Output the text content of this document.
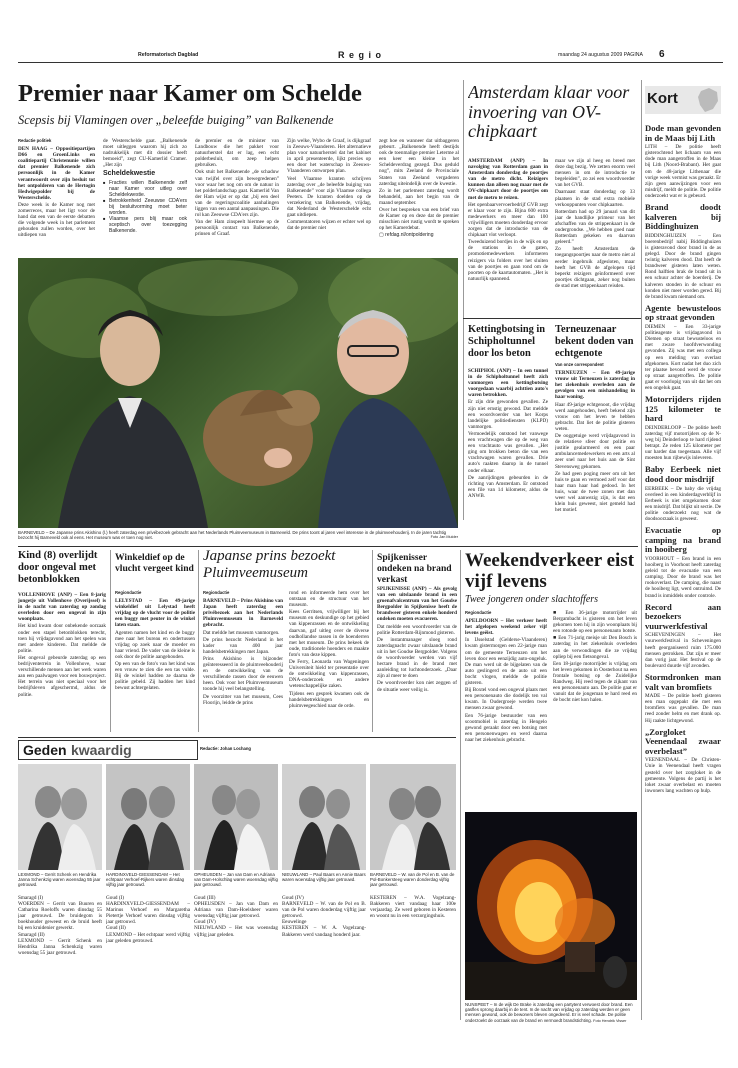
Reformatorisch Dagblad	R e g i o	maandag 24 augustus 2009 PAGINA 6
Premier naar Kamer om Schelde
Scepsis bij Vlamingen over „beleefde buiging” van Balkenende
Redactie politiek

DEN HAAG – Oppositiepartijen D66 en GroenLinks en coalitiepartij Christenunie willen dat premier Balkenende zich persoonlijk in de Kamer verantwoordt over zijn besluit tot het ontpolderen van de Hertogin Hedwigepolder bij de Westerschelde.

Deze week is de Kamer nog met zomerreces, maar het ligt voor de hand dat een van de eerste debatten die volgende week in het parlement gehouden zullen worden, over het uitdiepen van

de Westerschelde gaat. „Balkenende moet uitleggen waarom hij zich zo nadrukkelijk met dit dossier heeft bemoeid”, zegt CU-Kamerlid Cramer. „Het zijn

Scheldekwestie
■ Fracties willen Balkenende zelf naar Kamer voor uitleg over Scheldekwestie.
■ Betrokkenheid Zeeuwse CDA'ers bij besluitvorming moet beter worden.
■ Vlaamse pers blij maar ook sceptisch over toezegging Balkenende.

de premier en de minister van Landbouw die het pakket voor natuurherstel dat er lag, een echt polderbesluit, om zeep helpen gebruiken.

Ook stuit het Balkenende „de schaduw van twijfel over zijn bewegredenen” voor waar het nog om om de natuur in het polderlandschap gaat. Kamerlid Van der Ham wijst er op dat „bij een deel van de regeringscoalitie aanhalingen liggen van een aantal aanpassingen. Die rol kan Zeeuwse CDA'ers zijn.

Van der Ham zinspeelt hiermee op de persoonlijk contact van Balkenende, prinsen of Graaf.

Zijn welke, Wybo de Graaf, is dijkgraaf in Zeeuws-Vlaanderen. Het alternatieve plan voor natuurherstel dat het kabinet in april presenteerde, lijkt precies op een door het waterschap in Zeeuws-Vlaanderen ontworpen plan.

Veel Vlaamse kranten schrijven zaterdag over „de beleefde buiging van Balkenende” voor zijn Vlaamse collega Peeters. De kranten doelden op de verzekering van Balkenende, vrijdag, dat Nederland de Westerschelde echt gaat uitdiepen.

Commentatoren wijzen er echter wel op dat de premier niet

zegt hoe en wanneer dat uitbaggeren gebeurt. „Balkenende heeft destijds ook de toenmalige premier Leterme al een keer een kleine in het Scheldeverdrag gezegd. Dus geduld nog”, mits Zeeland de Provinciale Staten van Zeeland vergaderen zaterdag uiteindelijk over de kwestie.

Zo in het parlement zaterdag wordt behandeld, aan het begin van de maand september.

Over het bespreken van een brief van de Kamer op en deze dat de premier misschien niet rustig wordt te spreken op het Kamerdebat.

▢ refdag.nl/ontpoldering

Amsterdam klaar voor invoering van OV-chipkaart

AMSTERDAM (ANP) – In navolging van Rotterdam gaan in Amsterdam donderdag de poortjes van de metro dicht. Reizigers kunnen dan alleen nog maar met de OV-chipkaart door de poortjes om met de metro te reizen.

Het openbaarvervoerbedrijf GVB zegt er klaar voor te zijn. Bijna 600 extra medewerkers en meer dan 100 vrijwilligers moeten donderdag ervoor zorgen dat de introductie van de chipkaart vlot verloopt.

Tweeduizend bordjes in de wijk en op de stations in de gaten, promotiemedewerkers informeren reizigers via folders over het sluiten van de poortjes en gaan rond om de poorten op de kaartautomaten. „Het is natuurlijk spannend.

maar we zijn al heeg en breed met deze dag bezig. We zetten enorm veel mensen in om de introductie te begeleiden”, zo zei een woordvoerder van het GVB.

Daarnaast staat donderdag op 33 plaatsen in de stad extra mobiele verkooppunten voor chipkaarten.

Rotterdam had op 29 januari van dit jaar de handlijke primeur van het afschaffen van de strippenkaart in de ondergrondse. „We hebben goed naar Rotterdam gekeken en daarvan geleerd.”

Zo heeft Amsterdam de toegangspoortjes naar de metro niet al eerder ingebruik afgesloten, maar heeft het GVB de afgelopen tijd beperkt reizigers geïnformeerd over poortjes dichtgaan, zeker nog buiten de stad met strippenkaart reisden.

BARNEVELD – De Japanse prins Akishino (l.) heeft zaterdag een privébezoek gebracht aan het Nederlands Pluimveemuseum in Barneveld. De prins toont al jaren veel interesse in de pluimveehouderij. In de jaren tachtig bezocht hij Barneveld ook al eens. Het museum was er toen nog niet.	Foto Jan Mulder
Kettingbotsing in Schipholtunnel door los beton

SCHIPHOL (ANP) – In een tunnel in de Schipholtunnel heeft zich vanmorgen een kettingbotsing voorgedaan waarbij achttien auto's waren betrokken.

Er zijn drie gewonden gevallen. Ze zijn niet ernstig gewond. Dat meldde een woordvoerder van het Korps landelijke politiediensten (KLPD) vanmorgen.

Vermoedelijk ontstond het vanwege een vrachtwagen die op de weg van een vrachtauto was gevallen. „Het ging om brokken beton die van een vrachtwagen waren gevallen. Drie auto's raakten daarop in de tunnel onder elkaar.

De aanrijdingen gebeurden in de richting van Amsterdam. Er ontstond een file van 14 kilometer, aldus de ANWB.

Terneuzenaar bekent doden van echtgenote
Van onze correspondent

TERNEUZEN – Een 49-jarige vrouw uit Terneuzen is zaterdag in het ziekenhuis overleden aan de gevolgen van een mishandeling in haar woning.

Haar 49-jarige echtgenoot, die vrijdag werd aangehouden, heeft bekend zijn vrouw om het leven te hebben gebracht. Dat liet de politie gisteren weten.

De ooggetuige werd vrijdagavond in de relatieve sfeer door politie en justitie gealarmeerd en een paar ambulancemedewerkers en een arts al zeer snel naar het huis aan de Sint Stevensweg gekomen.

Ze had geen poging meer om uit het huis te gaan en vermoed zelf voor dat haar man haar had gedood. In het huis, waar de twee zonen met dan weer wel aanwezig zijn, is dat een klein huis geweest, niet gemeld had het motief.

Kort
Dode man gevonden in de Maas bij Lith

LITH – De politie heeft gisterochtend het lichaam van een dode man aangetroffen in de Maas bij Lith (Noord-Brabant). Het gaat om de 48-jarige Lithenaar die vorige week vermist was geraakt. Er zijn geen aanwijzingen voor een misdrijf, meldt de politie. De politie onderzoekt wat er is gebeurd.

Brand doodt kalveren bij Biddinghuizen

BIDDINGHUIZEN – Een boerenbedrijf nabij Biddinghuizen is gisteravond door brand in de as gelegd. Door de brand gingen twintig kalveren dood. Dat heeft de brandweer gisteren laten weten. Rond halftien brak de brand uit in een schuur achter de boerderij. De kalveren stonden in de schuur en konden niet meer worden gered. Bij de brand kwam niemand om.

Agente bewusteloos op straat gevonden

DIEMEN – Een 33-jarige politieagente is vrijdagavond in Diemen op straat bewusteloos en met zware hoofdverwonding gevonden. Zij was met een collega op een melding van overlast afgekomen. Kort nadat het duo zich ter plaatse bevond werd de vrouw op straat aangetroffen. De politie gaat er voorlopig van uit dat het om een ongeluk gaat.

Motorrijders rijden 125 kilometer te hard

DEINDERLOOP – De politie heeft zaterdag vijf motorrijders op de N-weg bij Deinderloop te hard rijdend betrapt. Ze reden 125 kilometer per uur harder dan toegestaan. Alle vijf moesten hun rijbewijs inleveren.

Baby Eerbeek niet dood door misdrijf

EERBEEK – De baby die vrijdag overleed in een kinderdagverblijf in Eerbeek is niet omgekomen door een misdrijf. Dat blijkt uit sectie. De politie onderzoekt nog wat de doodsoorzaak is geweest.

Evacuatie op camping na brand in hooiberg

VOORHOUT – Een brand in een hooiberg in Voorhout heeft zaterdag geleid tot de evacuatie van een camping. Door de brand was het rookoverlast. De camping, die naast de hooiberg ligt, werd ontruimd. De brand is inmiddels onder controle.

Record aan bezoekers vuurwerkfestival

SCHEVENINGEN – Het vuurwerkfestival in Scheveningen heeft georganiseerd ruim 175.000 mensen getrokken. Dat zijn er meer dan vorig jaar. Het festival op de boulevard duurde vijf avonden.

Stormdronken man valt van bromfiets

MADE – De politie heeft gisteren een man opgepakt die met een bromfiets was gevallen. De man reed zonder helm en met drank op. Hij raakte lichtgewond.

„Zorgloket Veenendaal zwaar overbelast”

VEENENDAAL – De Christen-Unie in Veenendaal heeft vragen gesteld over het zorgloket in de gemeente. Volgens de partij is het loket zwaar overbelast en moeten inwoners lang wachten op hulp.

Kind (8) overlijdt door ongeval met betonblokken

VOLLENHOVE (ANP) – Een 8-jarig jongetje uit Vollenhove (Overijssel) is in de nacht van zaterdag op zondag overleden door een ongeval in zijn woonplaats.

Het kind kwam door onbekende oorzaak onder een stapel betonblokken terecht, toen hij vrijdagavond aan het spelen was met andere kinderen. Dat meldde de politie.

Het ongeval gebeurde zaterdag op een bedrijventerrein in Vollenhove, waar verschillende mensen aan het werk waren aan een paalwagen voor een bouwproject. Het terrein was niet speciaal voor het bedrijfsleven afgeschermd, aldus de politie.

Winkeldief op de vlucht vergeet kind
Regiondactie

LELYSTAD – Een 49-jarige winkeldief uit Lelystad heeft vrijdag op de vlucht voor de politie een buggy met peuter in de winkel laten staan.

Agenten namen het kind en de buggy mee naar het bureau en ondertussen vrijdag op zoek naar de moeder en haar vriend. De vader van de kleine is ook door de politie aangehouden.

Op een van de foto's van het kind was een vrouw te zien die een tas vulde. Bij de winkel hadden ze daarna de politie gebeld. Zij hadden het kind bewust achtergelaten.

Japanse prins bezoekt Pluimveemuseum
Regiondactie

BARNEVELD – Prins Akishino van Japan heeft zaterdag een privébezoek aan het Nederlands Pluimveemuseum in Barneveld gebracht.

Dat meldde het museum vanmorgen.

De prins bezocht Nederland in het kader van 400 jaar handelsbetrekkingen met Japan.

Prins Akishino is bijzonder geïnteresseerd in de pluimveehouderij en de ontwikkeling van de verschillende rassen door de eeuwen heen. Ook voor het Pluimveemuseum toonde hij veel belangstelling.

De voorzitter van het museum, Cees Floorijn, leidde de prins

rond en informeerde hem over het ontstaan en de structuur van het museum.

Kees Gerritsen, vrijwilliger bij het museum en deskundige op het gebied van kippenrassen en de ontwikkeling daarvan, gaf uitleg over de diverse oudhollandse rassen in de hoenderren met het museum. De prins bekeek de oude, traditionele hoenders en maakte foto's van deze kippen.

De Ferry, Leonarda van Wageningen Universiteit hield ter presentatie over de ontwikkeling van kippenrassen, DNA-onderzoek en andere wetenschappelijke zaken.

Tijdens een gesprek kwamen ook de handelsbetrekkingen en pluimveegeschied naar de orde.

Spijkenisser ondeken na brand verkast

SPIJKENISSE (ANP) – Als gevolg van een uitslaande brand in een groenafvalcentrum van het Goudse Bergpolder in Spijkenisse heeft de brandweer gisteren enkele honderd ondeken moeten evacueren.

Dat meldde een woordvoerder van de politie Rotterdam-Rijnmond gisteren.

De instantmanager sloeg rond zaterdagnacht zwaar uitslaande brand uit in het Goudse Bergpolder. Volgens de woordvoerder werden van vijf hectare brand in de brand met aanleiding tot luchtonderzoek. „Daar zijn al meer te doen

De woordvoerder kon niet zeggen of de situatie weer veilig is.

Weekendverkeer eist vijf levens
Twee jongeren onder slachtoffers
Regiondactie

APELDOORN – Het verkeer heeft het afgelopen weekend zeker vijf levens geëist.

In IJsselstad (Gelderse-Vlaanderen) kwam gistermorgen een 22-jarige man om de gemeente Terneuzen om het leven door een eenzijdig auto-ongeluk. De man werd uit de bijgelaten van de auto geslingerd en de auto uit een bocht vlogen, meldde de politie gisteren.

Bij Boxtel vond een ongeval plaats met een personenauto die dodelijk ten val kwam. In Oudergroeje werden twee mensen zwaar gewond.

Een 76-jarige bestuurder van een scootmobiel is zaterdag in Hengelo gewond geraakt door een botsing met een personenwagen en werd daarna naar het ziekenhuis gebracht.

■ Een 36-jarige motorrijder uit Bergambacht is gisteren om het leven gekomen toen hij in zijn woonplaats bij een rotonde op een personenauto botste.

■ Een 71-jarig meisje uit Den Bosch is zaterdag in het ziekenhuis overleden aan de verwondingen die ze vrijdag opliep bij een fietsongeval.

Een 18-jarige motorrijder is vrijdag om het leven gekomen in Oosterhout na een frontale botsing op de Zuidelijke Randweg. Hij reed tegen de zijkant van een personenauto aan. De politie gaat er vanuit dat de jongeman te hard reed en de bocht niet kon halen.

NUNSPEET – In de wijk De Brake is zaterdag een partytent verwoest door brand. Een gasfles sprong daarbij in de tent. In de nacht van vrijdag op zaterdag werden er geen mensen gewond, ook de bewoners bleven ongedeerd. Er is veel schade. De politie onderzoekt de oorzaak van de brand en vermoedt brandstichting. Foto Hendrik Visser
Geden kwaardig	Redactie: Johan Lochang
LEXMOND – Gerrit Schenk en Hendrika Janna Schenkzig waren woensdag 55 jaar getrouwd.
HARDINXVELD-GIESSENDAM – Het echtpaar Verhoef-Rijkers waren dinsdag vijftig jaar getrouwd.
OPHEUSDEN – Jan van Dam en Adriana van Dam-Holschlag waren woensdag vijftig jaar getrouwd.
NIEUWLAND – Paul Baars en Annie Baars waren woensdag vijftig jaar getrouwd.
BARNEVELD – W. van de Pol en B. van de Pol-Bonkersteeg waren donderdag vijftig jaar getrouwd.
Smaragd (I)
WOERDEN – Gerrit van Buuren en Catharina Roeloffs waren dinsdag 55 jaar getrouwd. De bruidegom is boekhouder geweest en de bruid heeft bij een kruidenier gewerkt.
Smaragd (II)
LEXMOND – Gerrit Schenk en Hendrika Janna Schenkzig waren woensdag 55 jaar getrouwd.
Goud (I)
HARDINXVELD-GIESSENDAM – Marinus Verhoef en Margaretha Pietertje Verhoef waren dinsdag vijftig jaar getrouwd.
Goud (II)
LEXMOND – Het echtpaar werd vijftig jaar geleden getrouwd.
Goud (III)
OPHEUSDEN – Jan van Dam en Adriana van Dam-Hoelsheer waren woensdag vijftig jaar getrouwd.
Goud (IV)
NIEUWLAND – Het was woensdag vijftig jaar geleden.
Goud (IV)
BARNEVELD – W. van de Pol en B. van de Pol waren donderdag vijftig jaar getrouwd.
Eeuwelinge
KESTEREN – W. A. Vogelzang-Bakkeren werd vandaag honderd jaar.
KESTEREN – W.A. Vogelzang-Bakkeren viert vandaag haar 100e verjaardag. Ze werd geboren in Kesteren en woont nu in een verzorgingshuis.
